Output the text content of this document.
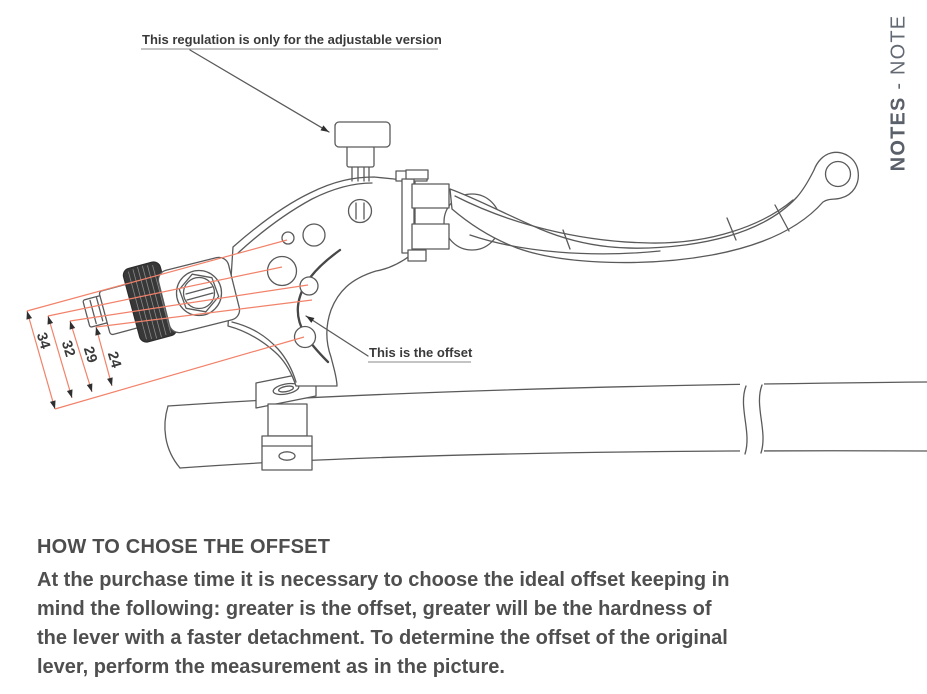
34 32 29 24
This regulation is only for the adjustable version
This is the offset
NOTES - NOTE
HOW TO CHOSE THE OFFSET
At the purchase time it is necessary to choose the ideal offset keeping in
mind the following: greater is the offset, greater will be the hardness of
the lever with a faster detachment. To determine the offset of the original
lever, perform the measurement as in the picture.
